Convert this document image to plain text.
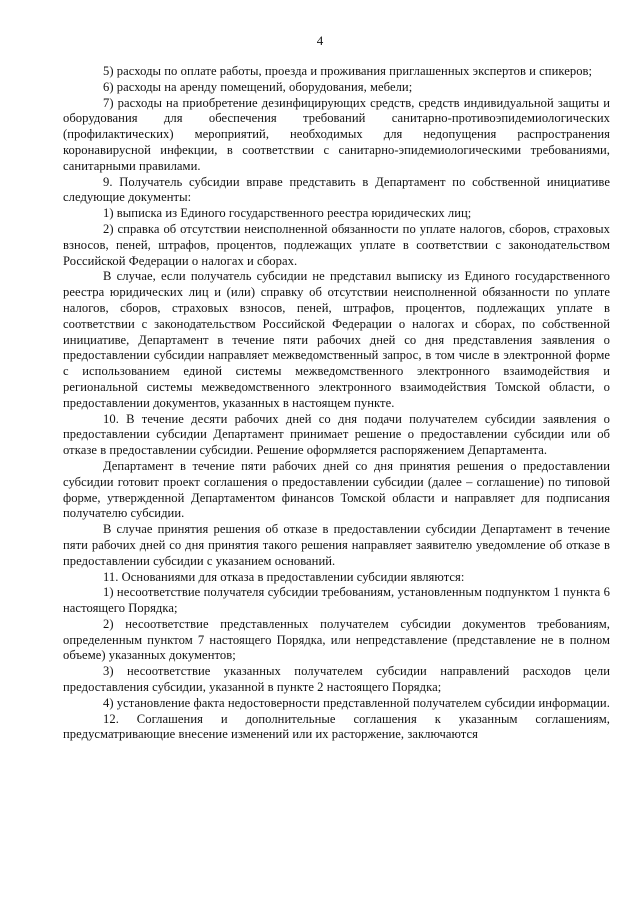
4

5) расходы по оплате работы, проезда и проживания приглашенных экспертов и спикеров;

6) расходы на аренду помещений, оборудования, мебели;

7) расходы на приобретение дезинфицирующих средств, средств индивидуальной защиты и оборудования для обеспечения требований санитарно-противоэпидемиологических (профилактических) мероприятий, необходимых для недопущения распространения коронавирусной инфекции, в соответствии с санитарно-эпидемиологическими требованиями, санитарными правилами.

9. Получатель субсидии вправе представить в Департамент по собственной инициативе следующие документы:

1) выписка из Единого государственного реестра юридических лиц;

2) справка об отсутствии неисполненной обязанности по уплате налогов, сборов, страховых взносов, пеней, штрафов, процентов, подлежащих уплате в соответствии с законодательством Российской Федерации о налогах и сборах.

В случае, если получатель субсидии не представил выписку из Единого государственного реестра юридических лиц и (или) справку об отсутствии неисполненной обязанности по уплате налогов, сборов, страховых взносов, пеней, штрафов, процентов, подлежащих уплате в соответствии с законодательством Российской Федерации о налогах и сборах, по собственной инициативе, Департамент в течение пяти рабочих дней со дня представления заявления о предоставлении субсидии направляет межведомственный запрос, в том числе в электронной форме с использованием единой системы межведомственного электронного взаимодействия и региональной системы межведомственного электронного взаимодействия Томской области, о предоставлении документов, указанных в настоящем пункте.

10. В течение десяти рабочих дней со дня подачи получателем субсидии заявления о предоставлении субсидии Департамент принимает решение о предоставлении субсидии или об отказе в предоставлении субсидии. Решение оформляется распоряжением Департамента.

Департамент в течение пяти рабочих дней со дня принятия решения о предоставлении субсидии готовит проект соглашения о предоставлении субсидии (далее – соглашение) по типовой форме, утвержденной Департаментом финансов Томской области и направляет для подписания получателю субсидии.

В случае принятия решения об отказе в предоставлении субсидии Департамент в течение пяти рабочих дней со дня принятия такого решения направляет заявителю уведомление об отказе в предоставлении субсидии с указанием оснований.

11. Основаниями для отказа в предоставлении субсидии являются:

1) несоответствие получателя субсидии требованиям, установленным подпунктом 1 пункта 6 настоящего Порядка;

2) несоответствие представленных получателем субсидии документов требованиям, определенным пунктом 7 настоящего Порядка, или непредставление (представление не в полном объеме) указанных документов;

3) несоответствие указанных получателем субсидии направлений расходов цели предоставления субсидии, указанной в пункте 2 настоящего Порядка;

4) установление факта недостоверности представленной получателем субсидии информации.

12. Соглашения и дополнительные соглашения к указанным соглашениям, предусматривающие внесение изменений или их расторжение, заключаются
